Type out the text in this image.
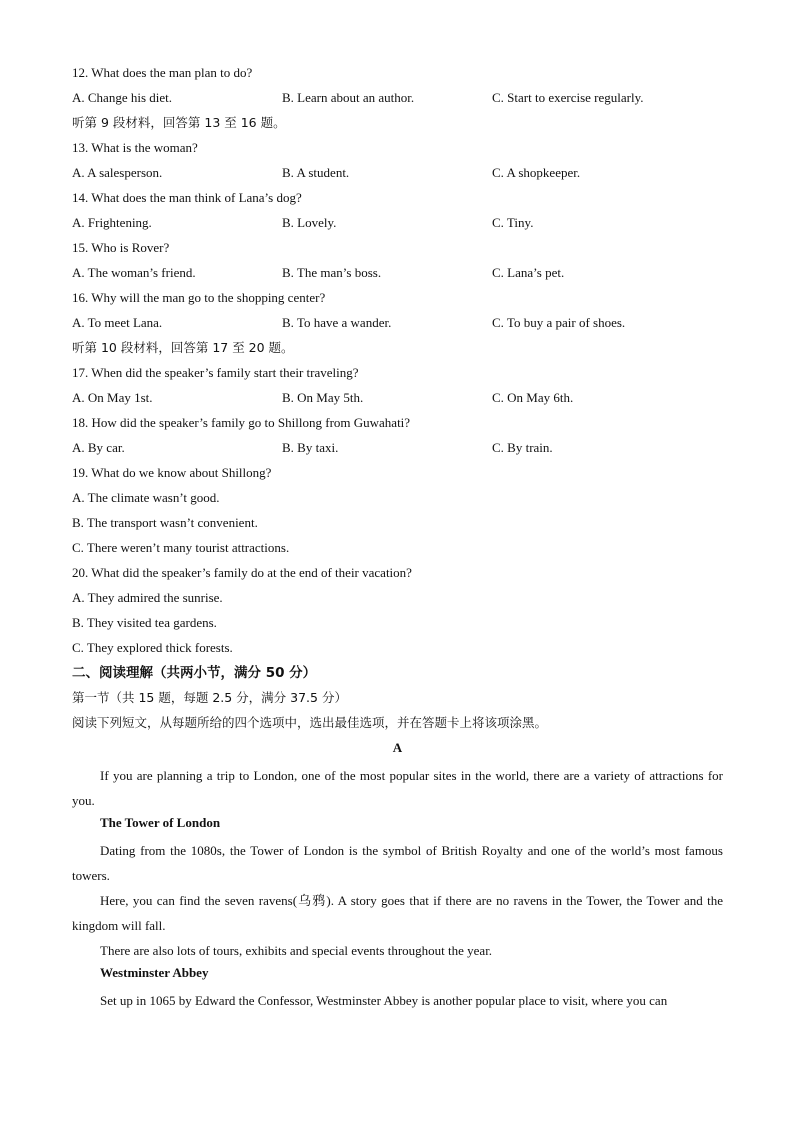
12. What does the man plan to do?
A. Change his diet.	B. Learn about an author.	C. Start to exercise regularly.
听第 9 段材料，回答第 13 至 16 题。
13. What is the woman?
A. A salesperson.	B. A student.	C. A shopkeeper.
14. What does the man think of Lana’s dog?
A. Frightening.	B. Lovely.	C. Tiny.
15. Who is Rover?
A. The woman’s friend.	B. The man’s boss.	C. Lana’s pet.
16. Why will the man go to the shopping center?
A. To meet Lana.	B. To have a wander.	C. To buy a pair of shoes.
听第 10 段材料，回答第 17 至 20 题。
17. When did the speaker’s family start their traveling?
A. On May 1st.	B. On May 5th.	C. On May 6th.
18. How did the speaker’s family go to Shillong from Guwahati?
A. By car.	B. By taxi.	C. By train.
19. What do we know about Shillong?
A. The climate wasn’t good.
B. The transport wasn’t convenient.
C. There weren’t many tourist attractions.
20. What did the speaker’s family do at the end of their vacation?
A. They admired the sunrise.
B. They visited tea gardens.
C. They explored thick forests.
二、阅读理解（共两小节，满分 50 分）
第一节（共 15 题，每题 2.5 分，满分 37.5 分）
阅读下列短文，从每题所给的四个选项中，选出最佳选项，并在答题卡上将该项涂黑。
A

If you are planning a trip to London, one of the most popular sites in the world, there are a variety of attractions for you.

The Tower of London

Dating from the 1080s, the Tower of London is the symbol of British Royalty and one of the world’s most famous towers.

Here, you can find the seven ravens(乌鸦). A story goes that if there are no ravens in the Tower, the Tower and the kingdom will fall.

There are also lots of tours, exhibits and special events throughout the year.

Westminster Abbey

Set up in 1065 by Edward the Confessor, Westminster Abbey is another popular place to visit, where you can
